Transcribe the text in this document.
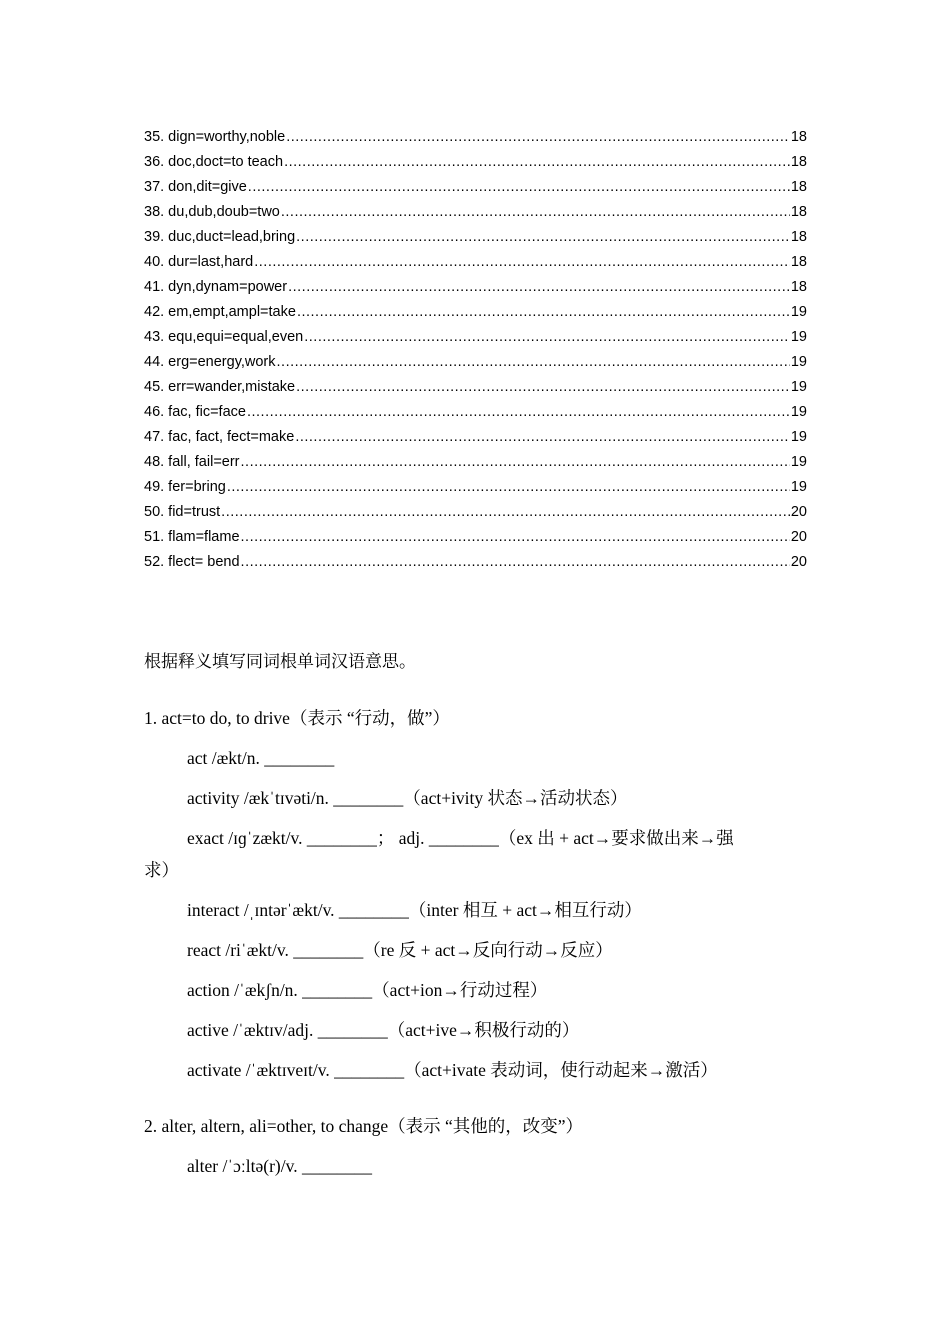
35. dign=worthy,noble .....	18
36. doc,doct=to teach .....	18
37. don,dit=give .....	18
38. du,dub,doub=two .....	18
39. duc,duct=lead,bring .....	18
40. dur=last,hard .....	18
41. dyn,dynam=power .....	18
42. em,empt,ampl=take .....	19
43. equ,equi=equal,even .....	19
44. erg=energy,work .....	19
45. err=wander,mistake .....	19
46. fac, fic=face .....	19
47. fac, fact, fect=make .....	19
48. fall, fail=err .....	19
49. fer=bring .....	19
50. fid=trust .....	20
51. flam=flame .....	20
52. flect= bend .....	20
根据释义填写同词根单词汉语意思。
1. act=to do, to drive（表示 “行动，做”）
act /ækt/n. ________
activity /ækˈtɪvəti/n. ________（act+ivity 状态→活动状态）
exact /ɪɡˈzækt/v. ________； adj. ________（ex 出 + act→要求做出来→强
求）
interact /ˌɪntərˈækt/v. ________（inter 相互 + act→相互行动）
react /riˈækt/v. ________（re 反 + act→反向行动→反应）
action /ˈækʃn/n. ________（act+ion→行动过程）
active /ˈæktɪv/adj. ________（act+ive→积极行动的）
activate /ˈæktɪveɪt/v. ________（act+ivate 表动词，使行动起来→激活）
2. alter, altern, ali=other, to change（表示 “其他的，改变”）
alter /ˈɔːltə(r)/v. ________
